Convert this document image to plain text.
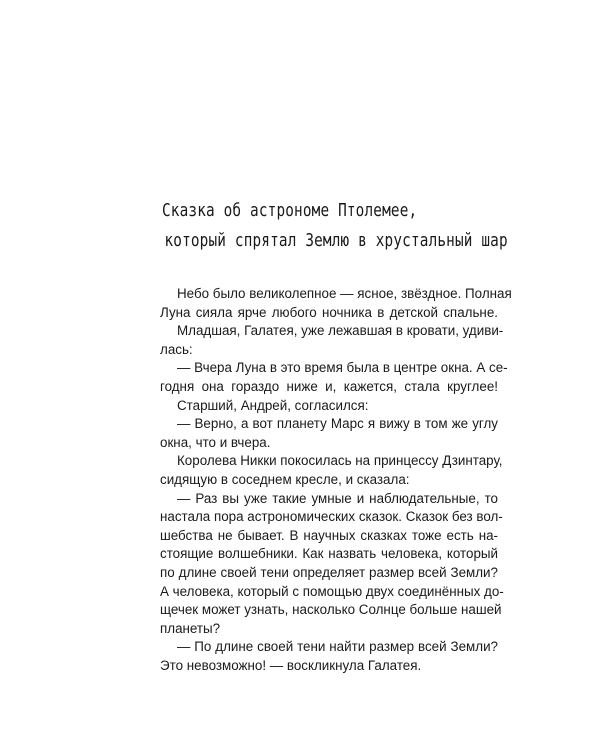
Сказка об астрономе Птолемее,
который спрятал Землю в хрустальный шар
Небо было великолепное — ясное, звёздное. Полная
Луна сияла ярче любого ночника в детской спальне.
Младшая, Галатея, уже лежавшая в кровати, удиви-
лась:
— Вчера Луна в это время была в центре окна. А се-
годня она гораздо ниже и, кажется, стала круглее!
Старший, Андрей, согласился:
— Верно, а вот планету Марс я вижу в том же углу
окна, что и вчера.
Королева Никки покосилась на принцессу Дзинтару,
сидящую в соседнем кресле, и сказала:
— Раз вы уже такие умные и наблюдательные, то
настала пора астрономических сказок. Сказок без вол-
шебства не бывает. В научных сказках тоже есть на-
стоящие волшебники. Как назвать человека, который
по длине своей тени определяет размер всей Земли?
А человека, который с помощью двух соединённых до-
щечек может узнать, насколько Солнце больше нашей
планеты?
— По длине своей тени найти размер всей Земли?
Это невозможно! — воскликнула Галатея.
